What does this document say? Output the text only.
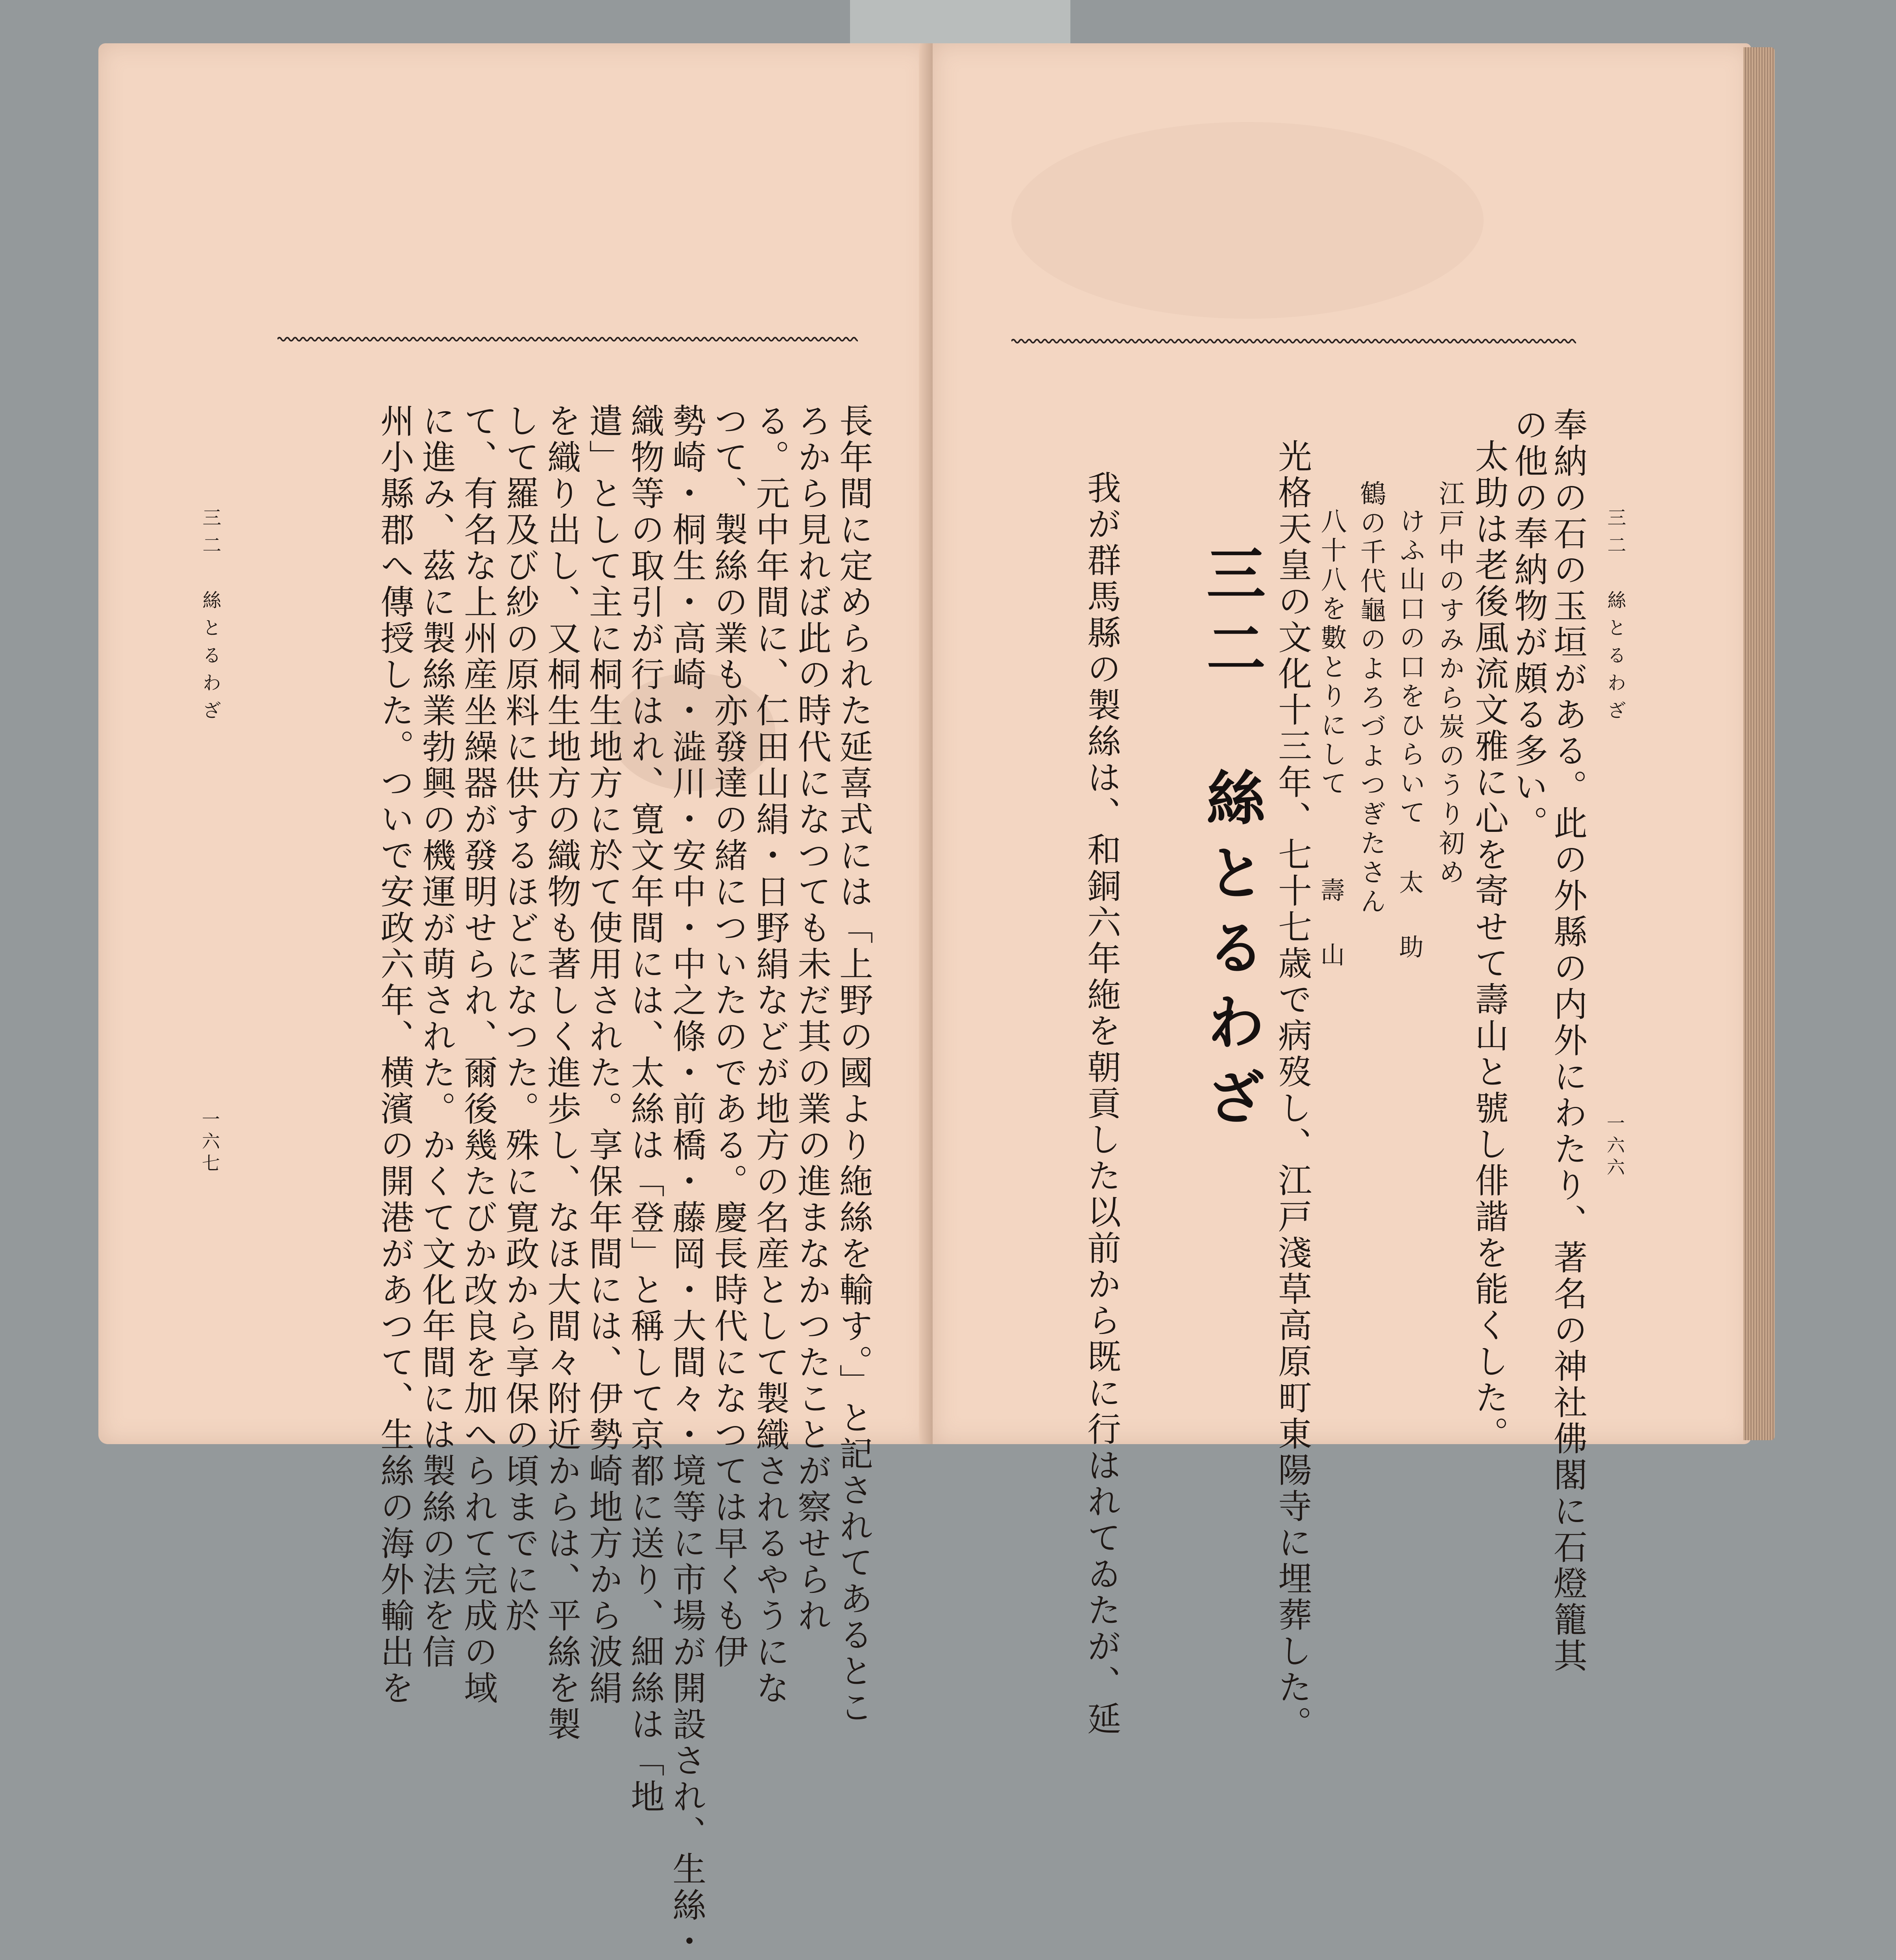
長年間に定められた延喜式には「上野の國より絁絲を輸す。」と記されてあるとこ
ろから見れば此の時代になつても未だ其の業の進まなかつたことが察せられ
る。元中年間に、仁田山絹・日野絹などが地方の名産として製織されるやうにな
つて、製絲の業も亦發達の緒についたのである。慶長時代になつては早くも伊
勢崎・桐生・高崎・澁川・安中・中之條・前橋・藤岡・大間々・境等に市場が開設され、生絲・
織物等の取引が行はれ、寛文年間には、太絲は「登」と稱して京都に送り、細絲は「地
遣」として主に桐生地方に於て使用された。享保年間には、伊勢崎地方から波絹
を織り出し、又桐生地方の織物も著しく進歩し、なほ大間々附近からは、平絲を製
して羅及び紗の原料に供するほどになつた。殊に寛政から享保の頃までに於
て、有名な上州産坐繰器が發明せられ、爾後幾たびか改良を加へられて完成の域
に進み、茲に製絲業勃興の機運が萌された。かくて文化年間には製絲の法を信
州小縣郡へ傳授した。ついで安政六年、横濱の開港があつて、生絲の海外輸出を
三二　絲とるわざ
一六七
三二　絲とるわざ
一六六
奉納の石の玉垣がある。此の外縣の内外にわたり、著名の神社佛閣に石燈籠其
の他の奉納物が頗る多い。
太助は老後風流文雅に心を寄せて壽山と號し俳諧を能くした。
江戸中のすみから炭のうり初め
けふ山口の口をひらいて
太　助
鶴の千代龜のよろづよつぎたさん
八十八を數とりにして
壽　山
光格天皇の文化十三年、七十七歳で病歿し、江戸淺草高原町東陽寺に埋葬した。
三二　絲とるわざ
我が群馬縣の製絲は、和銅六年絁を朝貢した以前から既に行はれてゐたが、延
